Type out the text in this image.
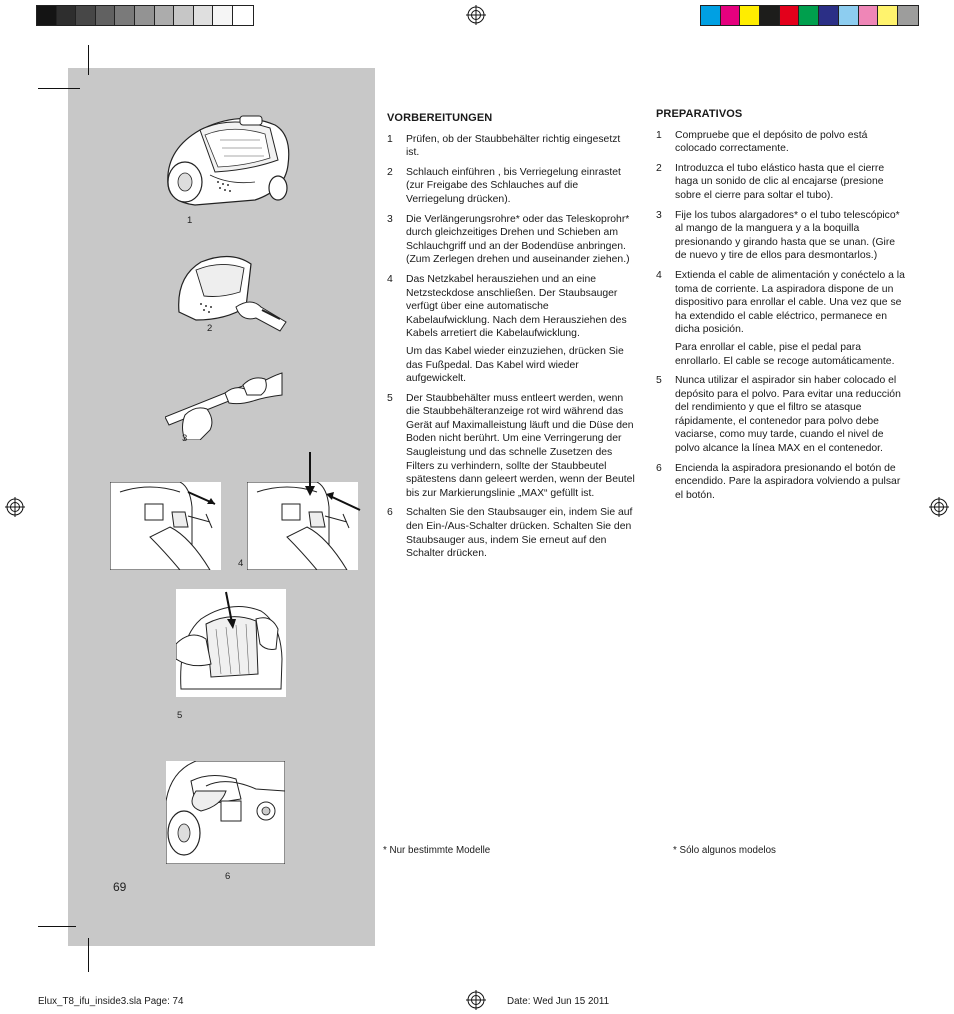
1
2
3
4
5
6
69
VORBEREITUNGEN
1	Prüfen, ob der Staubbehälter richtig eingesetzt ist.

2	Schlauch einführen , bis Verriegelung einrastet (zur Freigabe des Schlauches auf die Verriegelung drücken).

3	Die Verlängerungsrohre* oder das Teleskoprohr* durch gleichzeitiges Drehen und Schieben am Schlauchgriff und an der Bodendüse anbringen. (Zum Zerlegen drehen und auseinander ziehen.)

4	Das Netzkabel herausziehen und an eine Netzsteckdose anschließen. Der Staubsauger verfügt über eine automatische Kabelaufwicklung. Nach dem Herausziehen des Kabels arretiert die Kabelaufwicklung.

Um das Kabel wieder einzuziehen, drücken Sie das Fußpedal. Das Kabel wird wieder aufgewickelt.

5	Der Staubbehälter muss entleert werden, wenn die Staubbehälteranzeige rot wird während das Gerät auf Maximalleistung läuft und die Düse den Boden nicht berührt. Um eine Verringerung der Saugleistung und das schnelle Zusetzen des Filters zu verhindern, sollte der Staubbeutel spätestens dann geleert werden, wenn der Beutel bis zur Markierungslinie „MAX“ gefüllt ist.

6	Schalten Sie den Staubsauger ein, indem Sie auf den Ein-/Aus-Schalter drücken. Schalten Sie den Staubsauger aus, indem Sie erneut auf den Schalter drücken.

PREPARATIVOS
1	Compruebe que el depósito de polvo está colocado correctamente.

2	Introduzca el tubo elástico hasta que el cierre haga un sonido de clic al encajarse (presione sobre el cierre para soltar el tubo).

3	Fije los tubos alargadores* o el tubo telescópico* al mango de la manguera y a la boquilla presionando y girando hasta que se unan. (Gire de nuevo y tire de ellos para desmontarlos.)

4	Extienda el cable de alimentación y conéctelo a la toma de corriente. La aspiradora dispone de un dispositivo para enrollar el cable. Una vez que se ha extendido el cable eléctrico, permanece en dicha posición.

Para enrollar el cable, pise el pedal para enrollarlo. El cable se recoge automáticamente.

5	Nunca utilizar el aspirador sin haber colocado el depósito para el polvo. Para evitar una reducción del rendimiento y que el filtro se atasque rápidamente, el contenedor para polvo debe vaciarse, como muy tarde, cuando el nivel de polvo alcance la línea MAX en el contenedor.

6	Encienda la aspiradora presionando el botón de encendido. Pare la aspiradora volviendo a pulsar el botón.

* Nur bestimmte Modelle	* Sólo algunos modelos
Elux_T8_ifu_inside3.sla Page: 74	Date: Wed Jun 15 2011
